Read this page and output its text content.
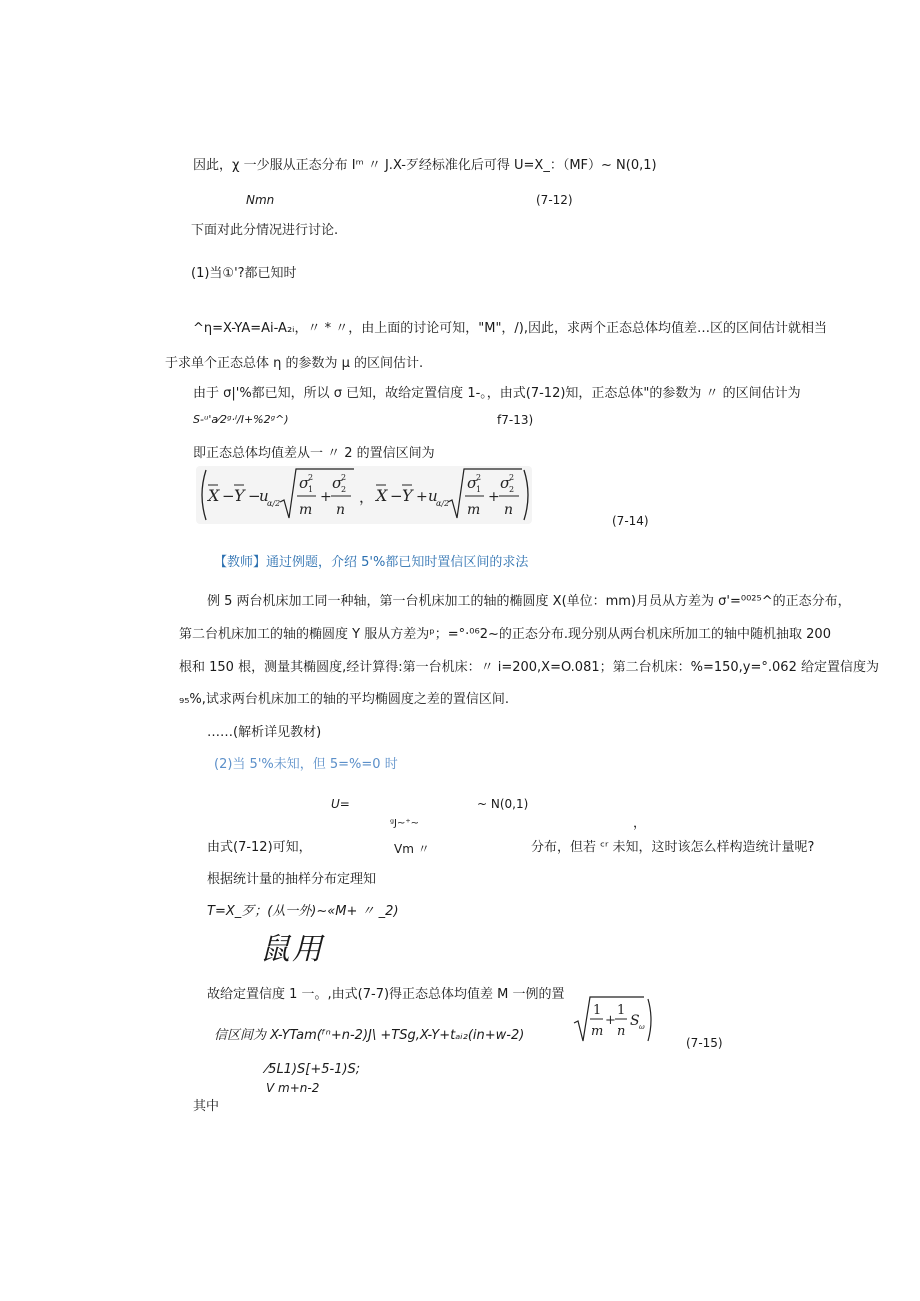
因此，χ 一少服从正态分布 Iᵐ 〃 J.X-歹经标准化后可得 U=X_：（MF）~ N(0,1)
Nmn	(7-12)
下面对此分情况进行讨论.
(1)当①'?都已知时
^η=X-YA=Ai-A₂ᵢ，〃 * 〃，由上面的讨论可知，"M"，/),因此，求两个正态总体均值差…区的区间估计就相当
于求单个正态总体 η 的参数为 μ 的区间估计.
由于 σ|'%都已知，所以 σ 已知，故给定置信度 1-。，由式(7-12)知，正态总体"的参数为 〃 的区间估计为
S-ᵘ'a⁄2ᵍ·ᴵ/I+%2ᵍ^)	f7-13)
即正态总体均值差从一 〃 2 的置信区间为
X − Y −
u
α/2
σ
2
1
m
+
σ
2
2
n
， X − Y + u
α/2
σ
2
1
m
+
σ
2
2
n
(7-14)
【教师】通过例题，介绍 5'%都已知时置信区间的求法
例 5 两台机床加工同一种轴，第一台机床加工的轴的椭圆度 X(单位：mm)月员从方差为 σ'=⁰⁰²⁵^的正态分布，
第二台机床加工的轴的椭圆度 Y 服从方差为ᵖ；=°·⁰⁶2~的正态分布.现分别从两台机床所加工的轴中随机抽取 200
根和 150 根，测量其椭圆度,经计算得:第一台机床：〃 i=200,X=O.081；第二台机床：%=150,y=°.062 给定置信度为
₉₅%,试求两台机床加工的轴的平均椭圆度之差的置信区间.
……(解析详见教材)
(2)当 5'%未知，但 5=%=0 时
U=	~ N(0,1)
ᵍJ~⁺~	，
由式(7-12)可知，	Vm 〃	分布，但若 ᶜʳ 未知，这时该怎么样构造统计量呢?
根据统计量的抽样分布定理知
T=X_歹；(从一外)~«M+ 〃 _2)
鼠用
故给定置信度 1 一。,由式(7-7)得正态总体均值差 M 一例的置
信区间为 X-YTam(ᶠⁿ+n-2)J\ +TSg,X-Y+tₐᵢ₂(in+w-2)
1
m
+
1
n
S ω
(7-15)
⁄5L1)S[+5-1)S;
V m+n-2
其中
